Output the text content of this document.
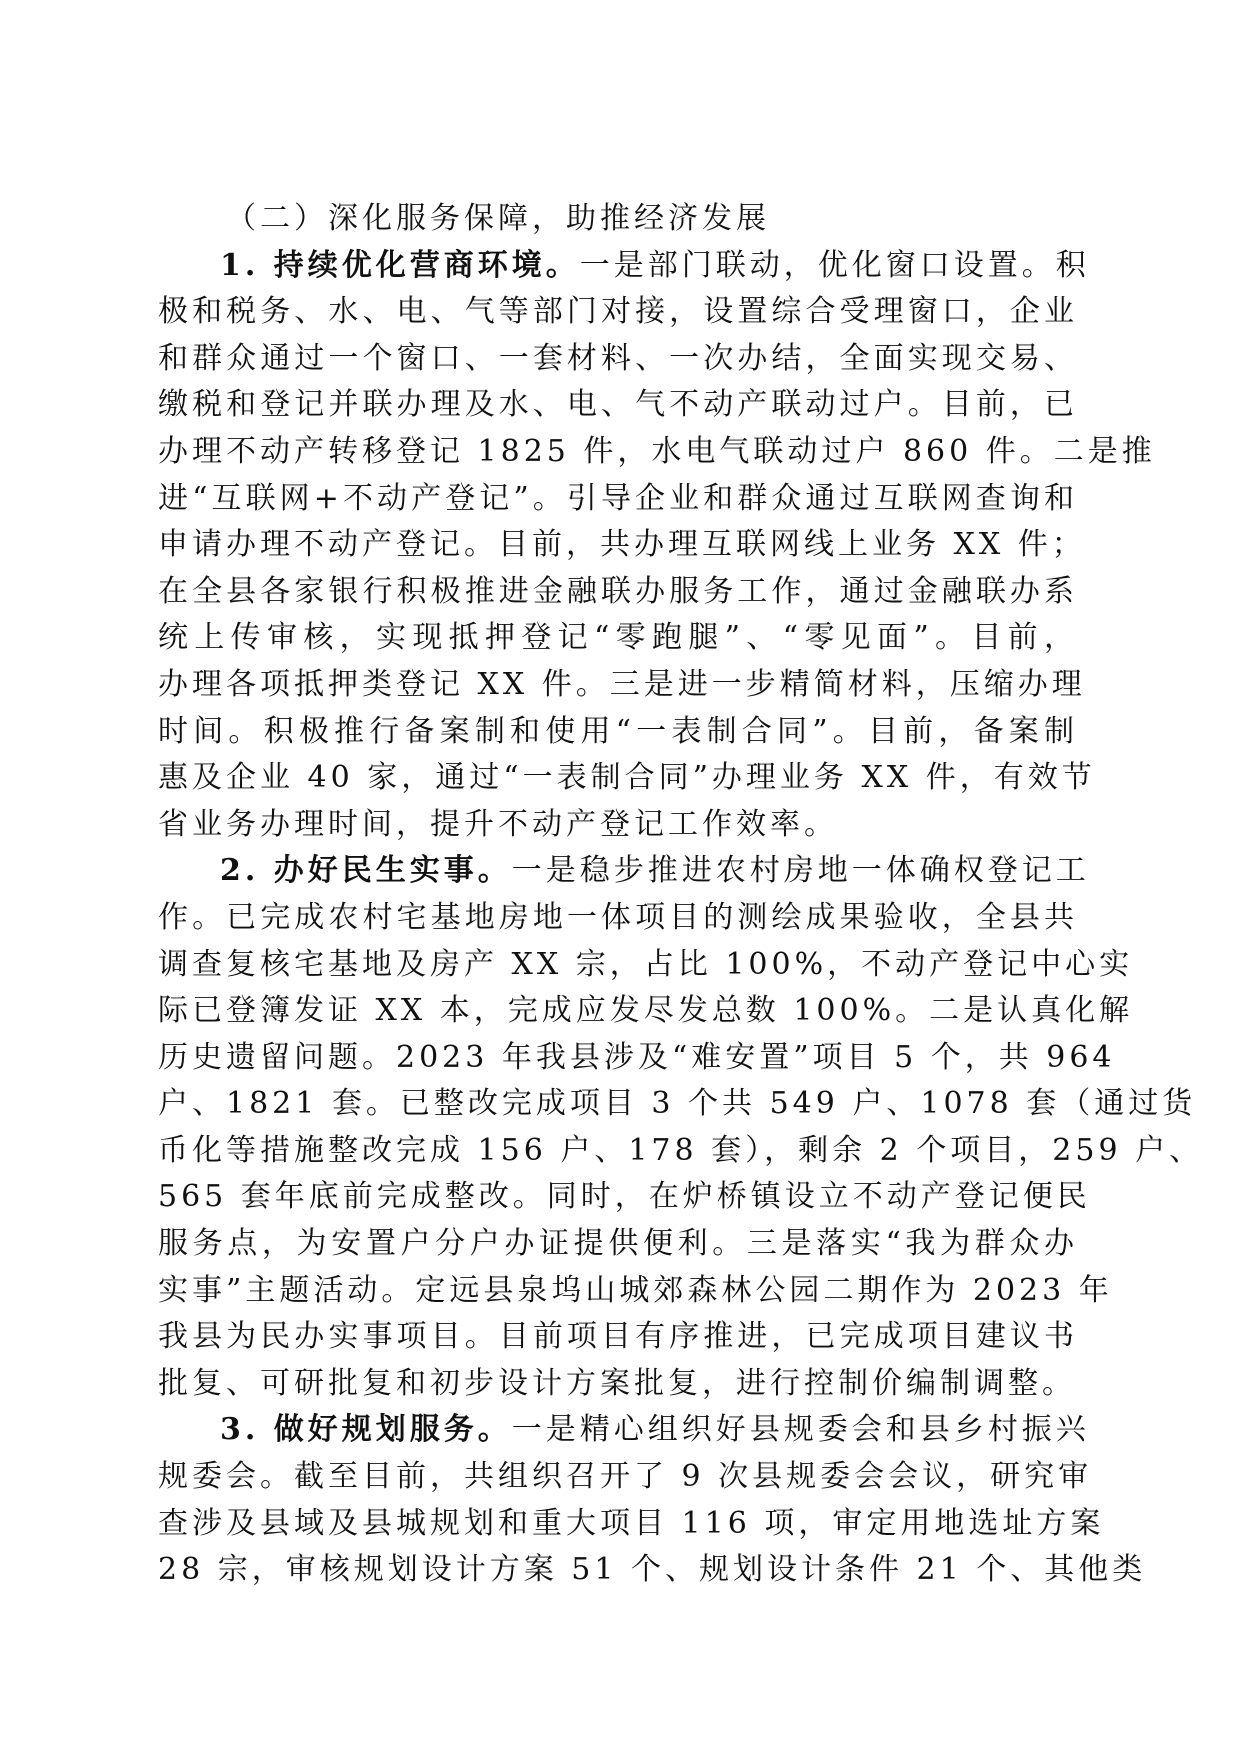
（二）深化服务保障，助推经济发展
1. 持续优化营商环境。一是部门联动，优化窗口设置。积
极和税务、水、电、气等部门对接，设置综合受理窗口，企业
和群众通过一个窗口、一套材料、一次办结，全面实现交易、
缴税和登记并联办理及水、电、气不动产联动过户。目前，已
办理不动产转移登记 1825 件，水电气联动过户 860 件。二是推
进“互联网+不动产登记”。引导企业和群众通过互联网查询和
申请办理不动产登记。目前，共办理互联网线上业务 XX 件；
在全县各家银行积极推进金融联办服务工作，通过金融联办系
统上传审核，实现抵押登记“零跑腿”、“零见面”。目前，
办理各项抵押类登记 XX 件。三是进一步精简材料，压缩办理
时间。积极推行备案制和使用“一表制合同”。目前，备案制
惠及企业 40 家，通过“一表制合同”办理业务 XX 件，有效节
省业务办理时间，提升不动产登记工作效率。
2. 办好民生实事。一是稳步推进农村房地一体确权登记工
作。已完成农村宅基地房地一体项目的测绘成果验收，全县共
调查复核宅基地及房产 XX 宗，占比 100%，不动产登记中心实
际已登簿发证 XX 本，完成应发尽发总数 100%。二是认真化解
历史遗留问题。2023 年我县涉及“难安置”项目 5 个，共 964
户、1821 套。已整改完成项目 3 个共 549 户、1078 套（通过货
币化等措施整改完成 156 户、178 套），剩余 2 个项目，259 户、
565 套年底前完成整改。同时，在炉桥镇设立不动产登记便民
服务点，为安置户分户办证提供便利。三是落实“我为群众办
实事”主题活动。定远县泉坞山城郊森林公园二期作为 2023 年
我县为民办实事项目。目前项目有序推进，已完成项目建议书
批复、可研批复和初步设计方案批复，进行控制价编制调整。
3. 做好规划服务。一是精心组织好县规委会和县乡村振兴
规委会。截至目前，共组织召开了 9 次县规委会会议，研究审
查涉及县域及县城规划和重大项目 116 项，审定用地选址方案
28 宗，审核规划设计方案 51 个、规划设计条件 21 个、其他类
